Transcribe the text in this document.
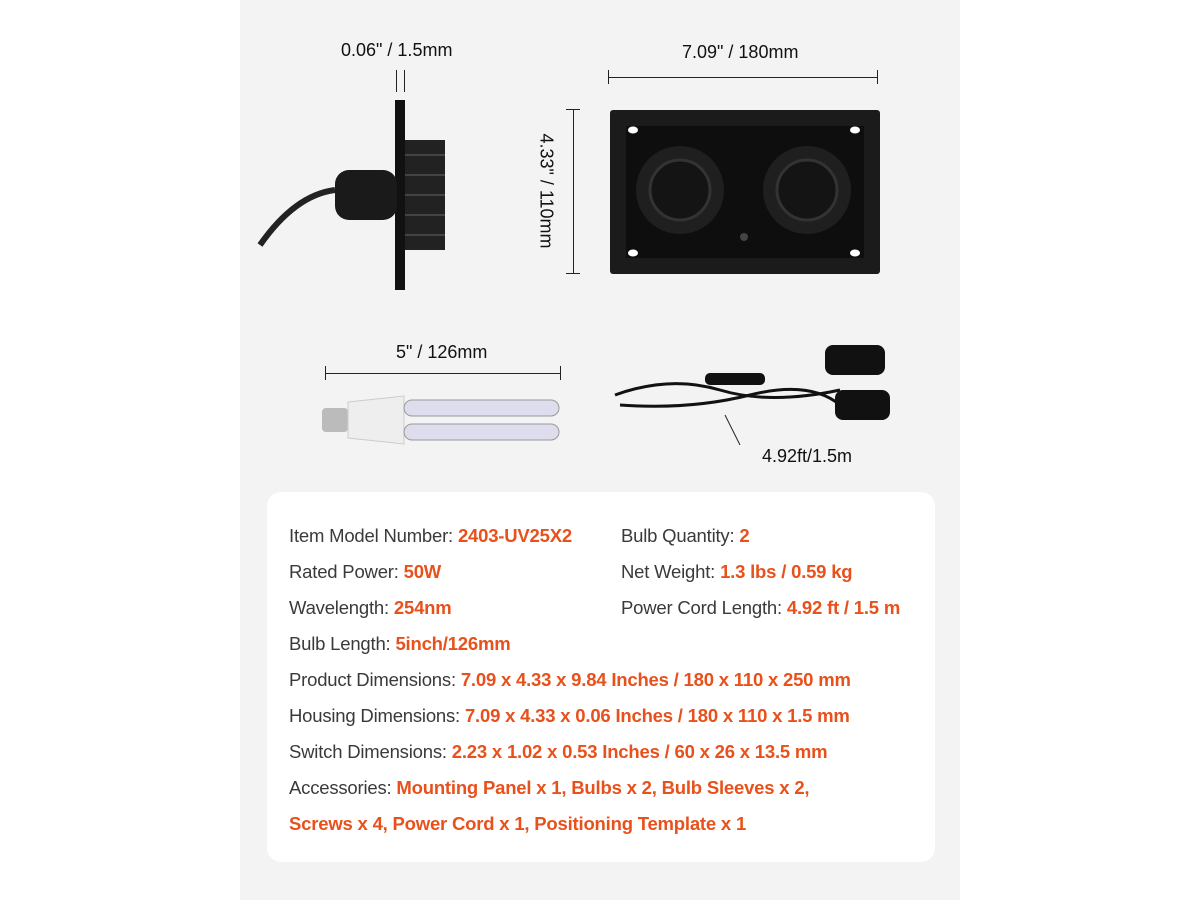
0.06" / 1.5mm	7.09" / 180mm
4.33" / 110mm
5" / 126mm
4.92ft/1.5m
Item Model Number: 2403-UV25X2	Bulb Quantity: 2
Rated Power: 50W	Net Weight: 1.3 lbs / 0.59 kg
Wavelength: 254nm	Power Cord Length: 4.92 ft / 1.5 m
Bulb Length: 5inch/126mm
Product Dimensions: 7.09 x 4.33 x 9.84 Inches / 180 x 110 x 250 mm
Housing Dimensions: 7.09 x 4.33 x 0.06 Inches / 180 x 110 x 1.5 mm
Switch Dimensions: 2.23 x 1.02 x 0.53 Inches / 60 x 26 x 13.5 mm
Accessories: Mounting Panel x 1, Bulbs x 2, Bulb Sleeves x 2,
Screws x 4, Power Cord x 1, Positioning Template x 1
